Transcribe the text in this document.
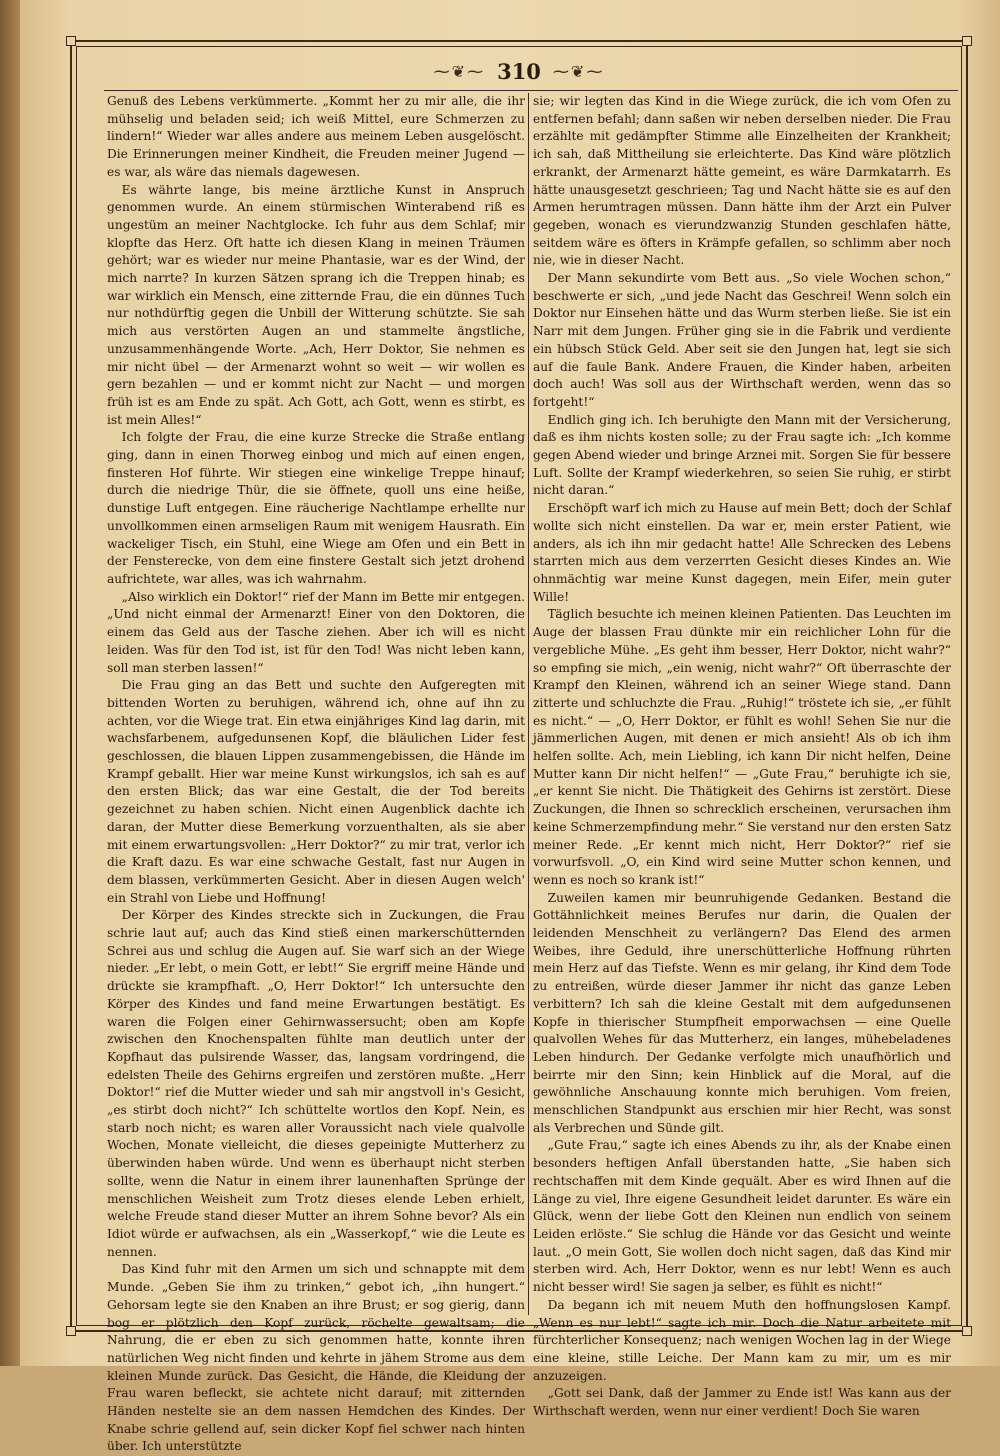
⁓❦⁓ 310 ⁓❦⁓

Genuß des Lebens verkümmerte. „Kommt her zu mir alle, die ihr mühselig und beladen seid; ich weiß Mittel, eure Schmerzen zu lindern!“ Wieder war alles andere aus meinem Leben ausgelöscht. Die Erinnerungen meiner Kindheit, die Freuden meiner Jugend — es war, als wäre das niemals dagewesen.

Es währte lange, bis meine ärztliche Kunst in Anspruch genommen wurde. An einem stürmischen Winterabend riß es ungestüm an meiner Nachtglocke. Ich fuhr aus dem Schlaf; mir klopfte das Herz. Oft hatte ich diesen Klang in meinen Träumen gehört; war es wieder nur meine Phantasie, war es der Wind, der mich narrte? In kurzen Sätzen sprang ich die Treppen hinab; es war wirklich ein Mensch, eine zitternde Frau, die ein dünnes Tuch nur nothdürftig gegen die Unbill der Witterung schützte. Sie sah mich aus verstörten Augen an und stammelte ängstliche, unzusammenhängende Worte. „Ach, Herr Doktor, Sie nehmen es mir nicht übel — der Armenarzt wohnt so weit — wir wollen es gern bezahlen — und er kommt nicht zur Nacht — und morgen früh ist es am Ende zu spät. Ach Gott, ach Gott, wenn es stirbt, es ist mein Alles!“

Ich folgte der Frau, die eine kurze Strecke die Straße entlang ging, dann in einen Thorweg einbog und mich auf einen engen, finsteren Hof führte. Wir stiegen eine winkelige Treppe hinauf; durch die niedrige Thür, die sie öffnete, quoll uns eine heiße, dunstige Luft entgegen. Eine räucherige Nachtlampe erhellte nur unvollkommen einen armseligen Raum mit wenigem Hausrath. Ein wackeliger Tisch, ein Stuhl, eine Wiege am Ofen und ein Bett in der Fensterecke, von dem eine finstere Gestalt sich jetzt drohend aufrichtete, war alles, was ich wahrnahm.

„Also wirklich ein Doktor!“ rief der Mann im Bette mir entgegen. „Und nicht einmal der Armenarzt! Einer von den Doktoren, die einem das Geld aus der Tasche ziehen. Aber ich will es nicht leiden. Was für den Tod ist, ist für den Tod! Was nicht leben kann, soll man sterben lassen!“

Die Frau ging an das Bett und suchte den Aufgeregten mit bittenden Worten zu beruhigen, während ich, ohne auf ihn zu achten, vor die Wiege trat. Ein etwa einjähriges Kind lag darin, mit wachsfarbenem, aufgedunsenen Kopf, die bläulichen Lider fest geschlossen, die blauen Lippen zusammengebissen, die Hände im Krampf geballt. Hier war meine Kunst wirkungslos, ich sah es auf den ersten Blick; das war eine Gestalt, die der Tod bereits gezeichnet zu haben schien. Nicht einen Augenblick dachte ich daran, der Mutter diese Bemerkung vorzuenthalten, als sie aber mit einem erwartungsvollen: „Herr Doktor?“ zu mir trat, verlor ich die Kraft dazu. Es war eine schwache Gestalt, fast nur Augen in dem blassen, verkümmerten Gesicht. Aber in diesen Augen welch' ein Strahl von Liebe und Hoffnung!

Der Körper des Kindes streckte sich in Zuckungen, die Frau schrie laut auf; auch das Kind stieß einen markerschütternden Schrei aus und schlug die Augen auf. Sie warf sich an der Wiege nieder. „Er lebt, o mein Gott, er lebt!“ Sie ergriff meine Hände und drückte sie krampfhaft. „O, Herr Doktor!“ Ich untersuchte den Körper des Kindes und fand meine Erwartungen bestätigt. Es waren die Folgen einer Gehirnwassersucht; oben am Kopfe zwischen den Knochenspalten fühlte man deutlich unter der Kopfhaut das pulsirende Wasser, das, langsam vordringend, die edelsten Theile des Gehirns ergreifen und zerstören mußte. „Herr Doktor!“ rief die Mutter wieder und sah mir angstvoll in's Gesicht, „es stirbt doch nicht?“ Ich schüttelte wortlos den Kopf. Nein, es starb noch nicht; es waren aller Voraussicht nach viele qualvolle Wochen, Monate vielleicht, die dieses gepeinigte Mutterherz zu überwinden haben würde. Und wenn es überhaupt nicht sterben sollte, wenn die Natur in einem ihrer launenhaften Sprünge der menschlichen Weisheit zum Trotz dieses elende Leben erhielt, welche Freude stand dieser Mutter an ihrem Sohne bevor? Als ein Idiot würde er aufwachsen, als ein „Wasserkopf,“ wie die Leute es nennen.

Das Kind fuhr mit den Armen um sich und schnappte mit dem Munde. „Geben Sie ihm zu trinken,“ gebot ich, „ihn hungert.“ Gehorsam legte sie den Knaben an ihre Brust; er sog gierig, dann bog er plötzlich den Kopf zurück, röchelte gewaltsam; die Nahrung, die er eben zu sich genommen hatte, konnte ihren natürlichen Weg nicht finden und kehrte in jähem Strome aus dem kleinen Munde zurück. Das Gesicht, die Hände, die Kleidung der Frau waren befleckt, sie achtete nicht darauf; mit zitternden Händen nestelte sie an dem nassen Hemdchen des Kindes. Der Knabe schrie gellend auf, sein dicker Kopf fiel schwer nach hinten über. Ich unterstützte

sie; wir legten das Kind in die Wiege zurück, die ich vom Ofen zu entfernen befahl; dann saßen wir neben derselben nieder. Die Frau erzählte mit gedämpfter Stimme alle Einzelheiten der Krankheit; ich sah, daß Mittheilung sie erleichterte. Das Kind wäre plötzlich erkrankt, der Armenarzt hätte gemeint, es wäre Darmkatarrh. Es hätte unausgesetzt geschrieen; Tag und Nacht hätte sie es auf den Armen herumtragen müssen. Dann hätte ihm der Arzt ein Pulver gegeben, wonach es vierundzwanzig Stunden geschlafen hätte, seitdem wäre es öfters in Krämpfe gefallen, so schlimm aber noch nie, wie in dieser Nacht.

Der Mann sekundirte vom Bett aus. „So viele Wochen schon,“ beschwerte er sich, „und jede Nacht das Geschrei! Wenn solch ein Doktor nur Einsehen hätte und das Wurm sterben ließe. Sie ist ein Narr mit dem Jungen. Früher ging sie in die Fabrik und verdiente ein hübsch Stück Geld. Aber seit sie den Jungen hat, legt sie sich auf die faule Bank. Andere Frauen, die Kinder haben, arbeiten doch auch! Was soll aus der Wirthschaft werden, wenn das so fortgeht!“

Endlich ging ich. Ich beruhigte den Mann mit der Versicherung, daß es ihm nichts kosten solle; zu der Frau sagte ich: „Ich komme gegen Abend wieder und bringe Arznei mit. Sorgen Sie für bessere Luft. Sollte der Krampf wiederkehren, so seien Sie ruhig, er stirbt nicht daran.“

Erschöpft warf ich mich zu Hause auf mein Bett; doch der Schlaf wollte sich nicht einstellen. Da war er, mein erster Patient, wie anders, als ich ihn mir gedacht hatte! Alle Schrecken des Lebens starrten mich aus dem verzerrten Gesicht dieses Kindes an. Wie ohnmächtig war meine Kunst dagegen, mein Eifer, mein guter Wille!

Täglich besuchte ich meinen kleinen Patienten. Das Leuchten im Auge der blassen Frau dünkte mir ein reichlicher Lohn für die vergebliche Mühe. „Es geht ihm besser, Herr Doktor, nicht wahr?“ so empfing sie mich, „ein wenig, nicht wahr?“ Oft überraschte der Krampf den Kleinen, während ich an seiner Wiege stand. Dann zitterte und schluchzte die Frau. „Ruhig!“ tröstete ich sie, „er fühlt es nicht.“ — „O, Herr Doktor, er fühlt es wohl! Sehen Sie nur die jämmerlichen Augen, mit denen er mich ansieht! Als ob ich ihm helfen sollte. Ach, mein Liebling, ich kann Dir nicht helfen, Deine Mutter kann Dir nicht helfen!“ — „Gute Frau,“ beruhigte ich sie, „er kennt Sie nicht. Die Thätigkeit des Gehirns ist zerstört. Diese Zuckungen, die Ihnen so schrecklich erscheinen, verursachen ihm keine Schmerzempfindung mehr.“ Sie verstand nur den ersten Satz meiner Rede. „Er kennt mich nicht, Herr Doktor?“ rief sie vorwurfsvoll. „O, ein Kind wird seine Mutter schon kennen, und wenn es noch so krank ist!“

Zuweilen kamen mir beunruhigende Gedanken. Bestand die Gottähnlichkeit meines Berufes nur darin, die Qualen der leidenden Menschheit zu verlängern? Das Elend des armen Weibes, ihre Geduld, ihre unerschütterliche Hoffnung rührten mein Herz auf das Tiefste. Wenn es mir gelang, ihr Kind dem Tode zu entreißen, würde dieser Jammer ihr nicht das ganze Leben verbittern? Ich sah die kleine Gestalt mit dem aufgedunsenen Kopfe in thierischer Stumpfheit emporwachsen — eine Quelle qualvollen Wehes für das Mutterherz, ein langes, mühebeladenes Leben hindurch. Der Gedanke verfolgte mich unaufhörlich und beirrte mir den Sinn; kein Hinblick auf die Moral, auf die gewöhnliche Anschauung konnte mich beruhigen. Vom freien, menschlichen Standpunkt aus erschien mir hier Recht, was sonst als Verbrechen und Sünde gilt.

„Gute Frau,“ sagte ich eines Abends zu ihr, als der Knabe einen besonders heftigen Anfall überstanden hatte, „Sie haben sich rechtschaffen mit dem Kinde gequält. Aber es wird Ihnen auf die Länge zu viel, Ihre eigene Gesundheit leidet darunter. Es wäre ein Glück, wenn der liebe Gott den Kleinen nun endlich von seinem Leiden erlöste.“ Sie schlug die Hände vor das Gesicht und weinte laut. „O mein Gott, Sie wollen doch nicht sagen, daß das Kind mir sterben wird. Ach, Herr Doktor, wenn es nur lebt! Wenn es auch nicht besser wird! Sie sagen ja selber, es fühlt es nicht!“

Da begann ich mit neuem Muth den hoffnungslosen Kampf. „Wenn es nur lebt!“ sagte ich mir. Doch die Natur arbeitete mit fürchterlicher Konsequenz; nach wenigen Wochen lag in der Wiege eine kleine, stille Leiche. Der Mann kam zu mir, um es mir anzuzeigen.

„Gott sei Dank, daß der Jammer zu Ende ist! Was kann aus der Wirthschaft werden, wenn nur einer verdient! Doch Sie waren
